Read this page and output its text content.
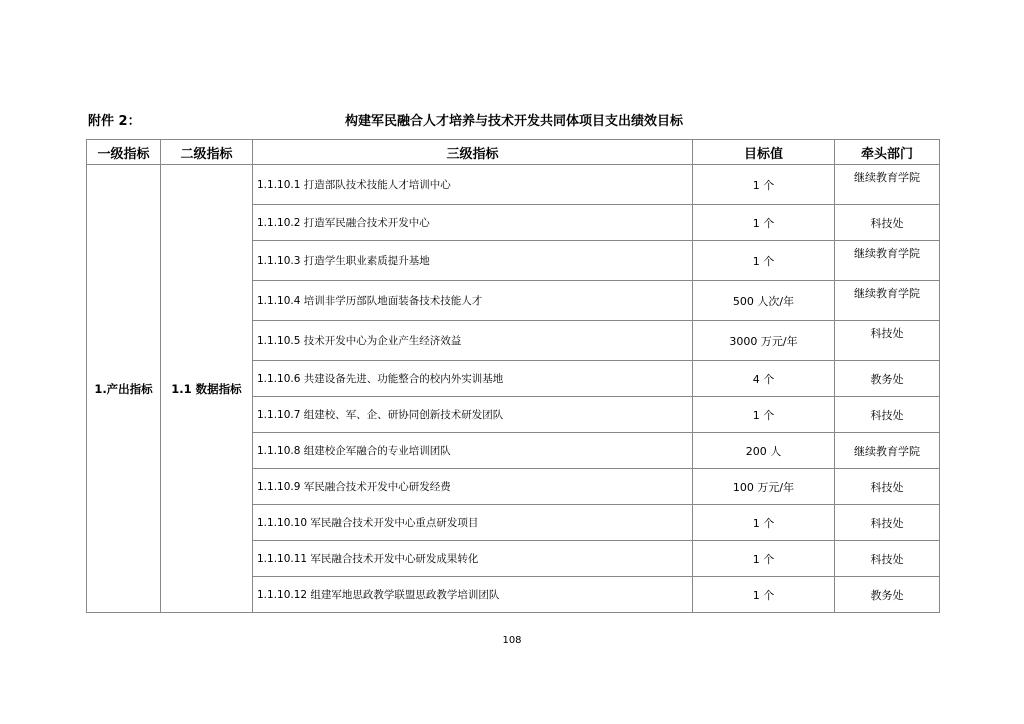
附件 2：	构建军民融合人才培养与技术开发共同体项目支出绩效目标
一级指标	二级指标	三级指标	目标值	牵头部门
1.产出指标	1.1 数据指标	1.1.10.1 打造部队技术技能人才培训中心	1 个	继续教育学院
		1.1.10.2 打造军民融合技术开发中心	1 个	科技处
		1.1.10.3 打造学生职业素质提升基地	1 个	继续教育学院
		1.1.10.4 培训非学历部队地面装备技术技能人才	500 人次/年	继续教育学院
		1.1.10.5 技术开发中心为企业产生经济效益	3000 万元/年	科技处
		1.1.10.6 共建设备先进、功能整合的校内外实训基地	4 个	教务处
		1.1.10.7 组建校、军、企、研协同创新技术研发团队	1 个	科技处
		1.1.10.8 组建校企军融合的专业培训团队	200 人	继续教育学院
		1.1.10.9 军民融合技术开发中心研发经费	100 万元/年	科技处
		1.1.10.10 军民融合技术开发中心重点研发项目	1 个	科技处
		1.1.10.11 军民融合技术开发中心研发成果转化	1 个	科技处
		1.1.10.12 组建军地思政教学联盟思政教学培训团队	1 个	教务处
108
